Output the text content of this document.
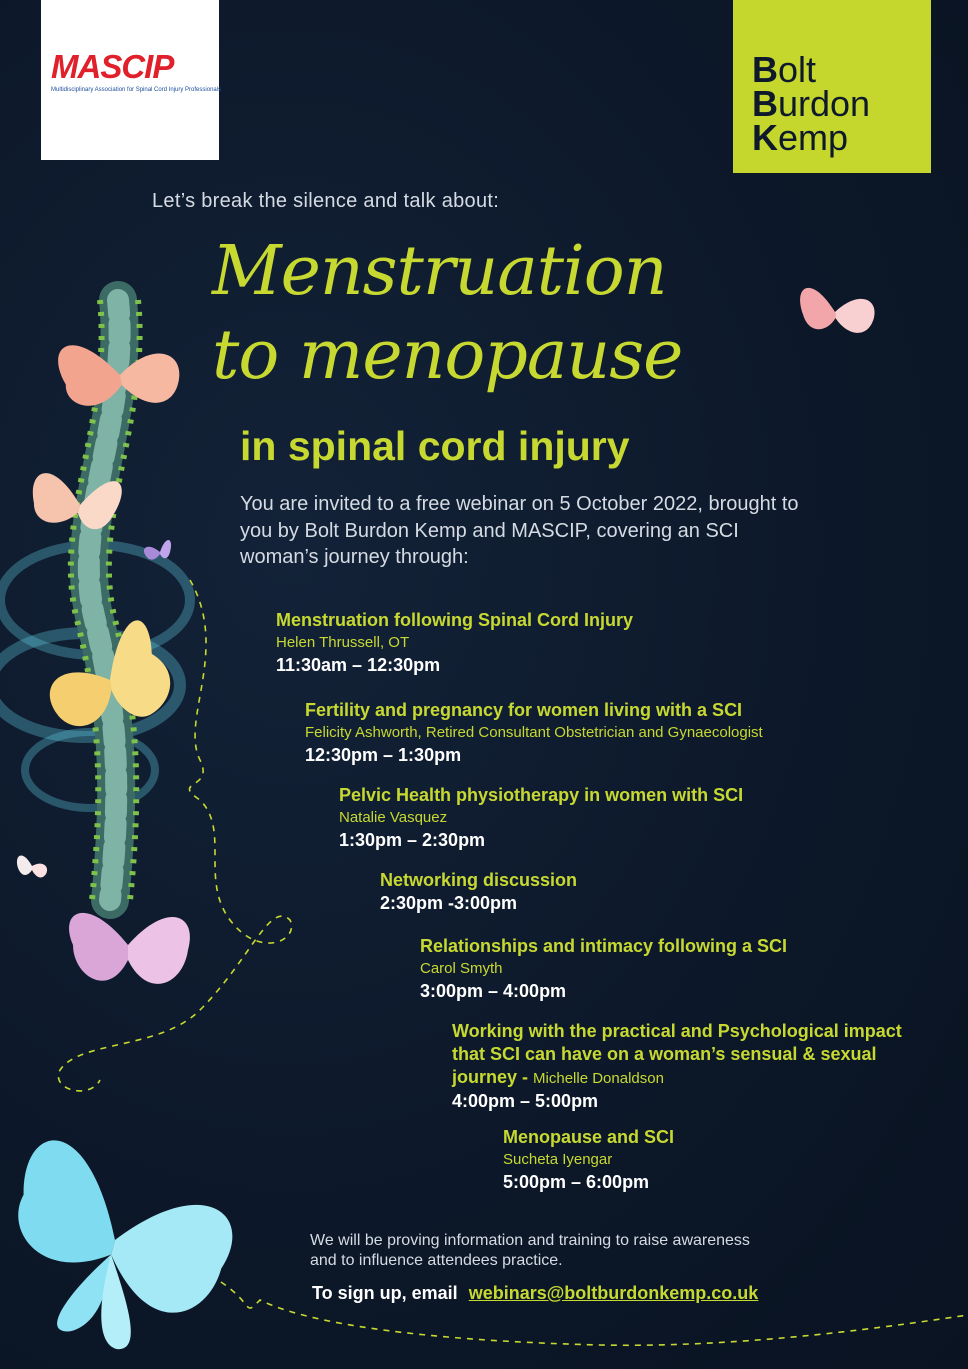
MASCIP
Multidisciplinary Association for Spinal Cord Injury Professionals	Bolt
Burdon
Kemp
Let’s break the silence and talk about:
Menstruation
to menopause
in spinal cord injury
You are invited to a free webinar on 5 October 2022, brought to you by Bolt Burdon Kemp and MASCIP, covering an SCI woman’s journey through:
Menstruation following Spinal Cord Injury
Helen Thrussell, OT
11:30am – 12:30pm
Fertility and pregnancy for women living with a SCI
Felicity Ashworth, Retired Consultant Obstetrician and Gynaecologist
12:30pm – 1:30pm
Pelvic Health physiotherapy in women with SCI
Natalie Vasquez
1:30pm – 2:30pm
Networking discussion
2:30pm -3:00pm
Relationships and intimacy following a SCI
Carol Smyth
3:00pm – 4:00pm
Working with the practical and Psychological impact that SCI can have on a woman’s sensual & sexual journey - Michelle Donaldson
4:00pm – 5:00pm
Menopause and SCI
Sucheta Iyengar
5:00pm – 6:00pm
We will be proving information and training to raise awareness and to influence attendees practice.
To sign up, email webinars@boltburdonkemp.co.uk
